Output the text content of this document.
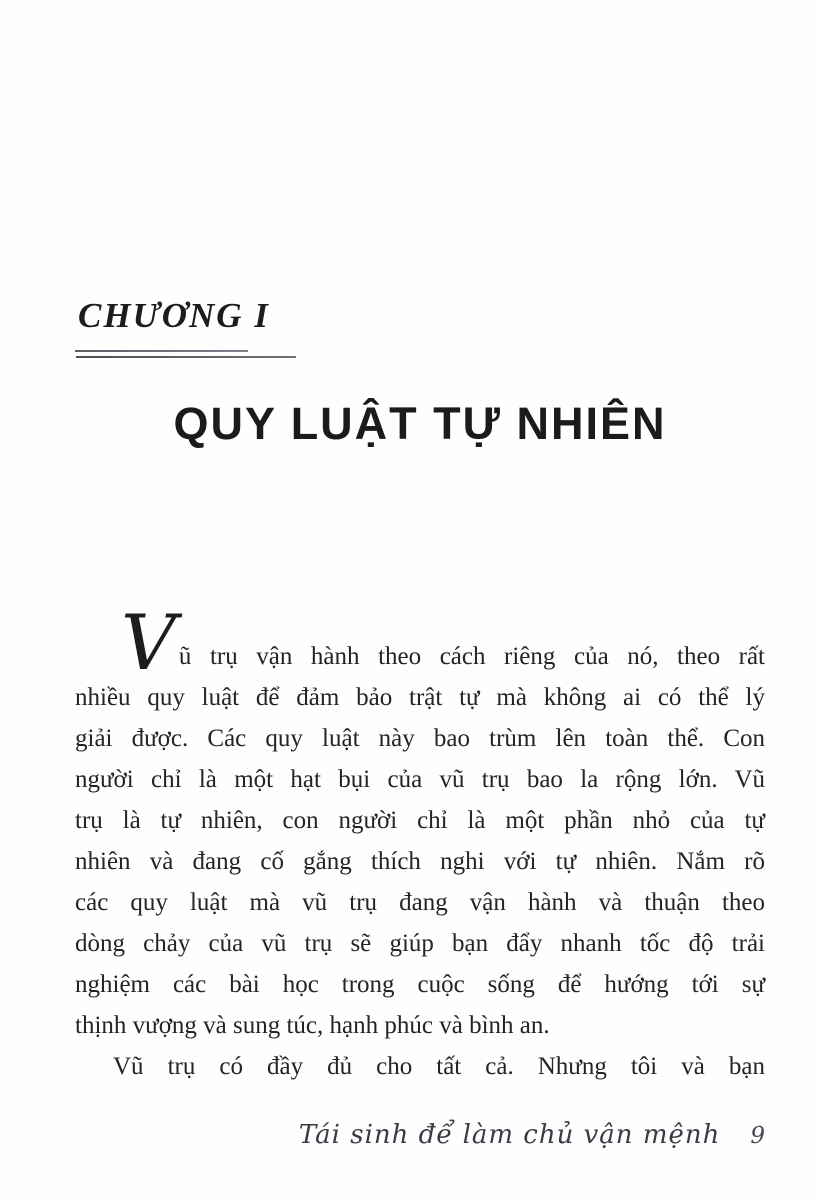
CHƯƠNG I
QUY LUẬT TỰ NHIÊN
Vũ trụ vận hành theo cách riêng của nó, theo rất
nhiều quy luật để đảm bảo trật tự mà không ai có thể lý
giải được. Các quy luật này bao trùm lên toàn thể. Con
người chỉ là một hạt bụi của vũ trụ bao la rộng lớn. Vũ
trụ là tự nhiên, con người chỉ là một phần nhỏ của tự
nhiên và đang cố gắng thích nghi với tự nhiên. Nắm rõ
các quy luật mà vũ trụ đang vận hành và thuận theo
dòng chảy của vũ trụ sẽ giúp bạn đẩy nhanh tốc độ trải
nghiệm các bài học trong cuộc sống để hướng tới sự
thịnh vượng và sung túc, hạnh phúc và bình an.
Vũ trụ có đầy đủ cho tất cả. Nhưng tôi và bạn
Tái sinh để làm chủ vận mệnh 9
